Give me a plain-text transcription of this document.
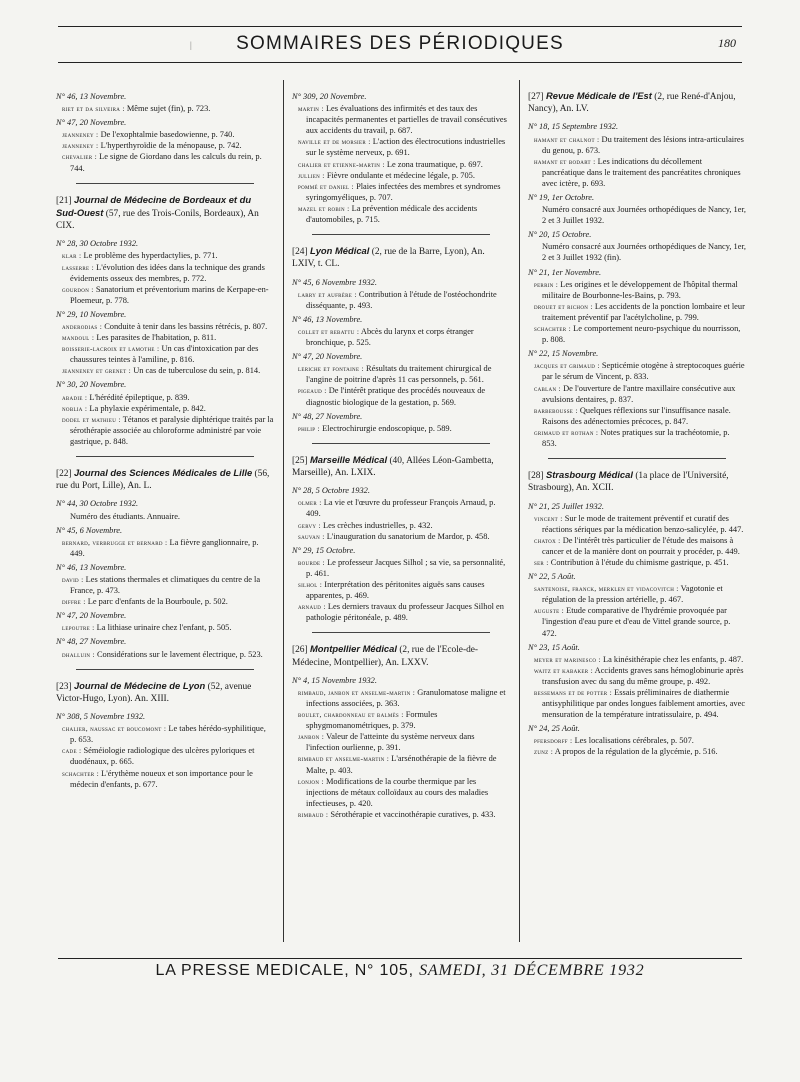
|	SOMMAIRES DES PÉRIODIQUES	180
N° 46, 13 Novembre.
riet et da silveira : Même sujet (fin), p. 723.
N° 47, 20 Novembre.
jeanneney : De l'exophtalmie basedowienne, p. 740.
jeanneney : L'hyperthyroïdie de la ménopause, p. 742.
chevalier : Le signe de Giordano dans les calculs du rein, p. 744.
[21] Journal de Médecine de Bordeaux et du Sud-Ouest (57, rue des Trois-Conils, Bordeaux), An CIX.
N° 28, 30 Octobre 1932.
klar : Le problème des hyperdactylies, p. 771.
lasserre : L'évolution des idées dans la technique des grands évidements osseux des membres, p. 772.
gourdon : Sanatorium et préventorium marins de Kerpape-en-Ploemeur, p. 778.
N° 29, 10 Novembre.
anderodias : Conduite à tenir dans les bassins rétrécis, p. 807.
mandoul : Les parasites de l'habitation, p. 811.
boisserie-lacroix et lamothe : Un cas d'intoxication par des chaussures teintes à l'amiline, p. 816.
jeanneney et grenet : Un cas de tuberculose du sein, p. 814.
N° 30, 20 Novembre.
abadie : L'hérédité épileptique, p. 839.
noblia : La phylaxie expérimentale, p. 842.
dodel et mathieu : Tétanos et paralysie diphtérique traités par la sérothérapie associée au chloroforme administré par voie gastrique, p. 848.
[22] Journal des Sciences Médicales de Lille (56, rue du Port, Lille), An. L.
N° 44, 30 Octobre 1932.
Numéro des étudiants. Annuaire.
N° 45, 6 Novembre.
bernard, verbrugge et bernard : La fièvre ganglionnaire, p. 449.
N° 46, 13 Novembre.
david : Les stations thermales et climatiques du centre de la France, p. 473.
diffre : Le parc d'enfants de la Bourboule, p. 502.
N° 47, 20 Novembre.
lepoutre : La lithiase urinaire chez l'enfant, p. 505.
N° 48, 27 Novembre.
dhalluin : Considérations sur le lavement électrique, p. 523.
[23] Journal de Médecine de Lyon (52, avenue Victor-Hugo, Lyon). An. XIII.
N° 308, 5 Novembre 1932.
chalier, naussac et boucomont : Le tabes hérédo-syphilitique, p. 653.
cade : Séméiologie radiologique des ulcères pyloriques et duodénaux, p. 665.
schachter : L'érythème noueux et son importance pour le médecin d'enfants, p. 677.
N° 309, 20 Novembre.
martin : Les évaluations des infirmités et des taux des incapacités permanentes et partielles de travail consécutives aux accidents du travail, p. 687.
naville et de morsier : L'action des électrocutions industrielles sur le système nerveux, p. 691.
chalier et etienne-martin : Le zona traumatique, p. 697.
jullien : Fièvre ondulante et médecine légale, p. 705.
pommé et daniel : Plaies infectées des membres et syndromes syringomyéliques, p. 707.
mazel et robin : La prévention médicale des accidents d'automobiles, p. 715.
[24] Lyon Médical (2, rue de la Barre, Lyon), An. LXIV, t. CL.
N° 45, 6 Novembre 1932.
larry et aufrère : Contribution à l'étude de l'ostéochondrite disséquante, p. 493.
N° 46, 13 Novembre.
collet et rebattu : Abcès du larynx et corps étranger bronchique, p. 525.
N° 47, 20 Novembre.
leriche et fontaine : Résultats du traitement chirurgical de l'angine de poitrine d'après 11 cas personnels, p. 561.
pigeaud : De l'intérêt pratique des procédés nouveaux de diagnostic biologique de la gestation, p. 569.
N° 48, 27 Novembre.
philip : Electrochirurgie endoscopique, p. 589.
[25] Marseille Médical (40, Allées Léon-Gambetta, Marseille), An. LXIX.
N° 28, 5 Octobre 1932.
olmer : La vie et l'œuvre du professeur François Arnaud, p. 409.
gervy : Les crèches industrielles, p. 432.
sauvan : L'inauguration du sanatorium de Mardor, p. 458.
N° 29, 15 Octobre.
bourde : Le professeur Jacques Silhol ; sa vie, sa personnalité, p. 461.
silhol : Interprétation des péritonites aiguës sans causes apparentes, p. 469.
arnaud : Les derniers travaux du professeur Jacques Silhol en pathologie péritonéale, p. 489.
[26] Montpellier Médical (2, rue de l'Ecole-de-Médecine, Montpellier), An. LXXV.
N° 4, 15 Novembre 1932.
rimbaud, janbon et anselme-martin : Granulomatose maligne et infections associées, p. 363.
boulet, chardonneau et balmès : Formules sphygmomanométriques, p. 379.
janbon : Valeur de l'atteinte du système nerveux dans l'infection ourlienne, p. 391.
rimbaud et anselme-martin : L'arsénothérapie de la fièvre de Malte, p. 403.
lonjon : Modifications de la courbe thermique par les injections de métaux colloïdaux au cours des maladies infectieuses, p. 420.
rimbaud : Sérothérapie et vaccinothérapie curatives, p. 433.
[27] Revue Médicale de l'Est (2, rue René-d'Anjou, Nancy), An. LV.
N° 18, 15 Septembre 1932.
hamant et chalnot : Du traitement des lésions intra-articulaires du genou, p. 673.
hamant et bodart : Les indications du décollement pancréatique dans le traitement des pancréatites chroniques avec ictère, p. 693.
N° 19, 1er Octobre.
Numéro consacré aux Journées orthopédiques de Nancy, 1er, 2 et 3 Juillet 1932.
N° 20, 15 Octobre.
Numéro consacré aux Journées orthopédiques de Nancy, 1er, 2 et 3 Juillet 1932 (fin).
N° 21, 1er Novembre.
perrin : Les origines et le développement de l'hôpital thermal militaire de Bourbonne-les-Bains, p. 793.
drouet et richon : Les accidents de la ponction lombaire et leur traitement préventif par l'acétylcholine, p. 799.
schachter : Le comportement neuro-psychique du nourrisson, p. 808.
N° 22, 15 Novembre.
jacques et grimaud : Septicémie otogène à streptocoques guérie par le sérum de Vincent, p. 833.
cablan : De l'ouverture de l'antre maxillaire consécutive aux avulsions dentaires, p. 837.
barbebousse : Quelques réflexions sur l'insuffisance nasale. Raisons des adénectomies précoces, p. 847.
grimaud et rothan : Notes pratiques sur la trachéotomie, p. 853.
[28] Strasbourg Médical (1a place de l'Université, Strasbourg), An. XCII.
N° 21, 25 Juillet 1932.
vincent : Sur le mode de traitement préventif et curatif des réactions sériques par la médication benzo-salicylée, p. 447.
chatox : De l'intérêt très particulier de l'étude des maisons à cancer et de la manière dont on pourrait y procéder, p. 449.
ser : Contribution à l'étude du chimisme gastrique, p. 451.
N° 22, 5 Août.
santenoise, franck, merklen et vidacovitch : Vagotonie et régulation de la pression artérielle, p. 467.
auguste : Etude comparative de l'hydrémie provoquée par l'ingestion d'eau pure et d'eau de Vittel grande source, p. 472.
N° 23, 15 Août.
meyer et marinesco : La kinésithérapie chez les enfants, p. 487.
waitz et kabaker : Accidents graves sans hémoglobinurie après transfusion avec du sang du même groupe, p. 492.
bessemans et de potter : Essais préliminaires de diathermie antisyphilitique par ondes longues faiblement amorties, avec mensuration de la température intratissulaire, p. 494.
N° 24, 25 Août.
pfersdorff : Les localisations cérébrales, p. 507.
zunz : A propos de la régulation de la glycémie, p. 516.
LA PRESSE MEDICALE, N° 105, SAMEDI, 31 DÉCEMBRE 1932
